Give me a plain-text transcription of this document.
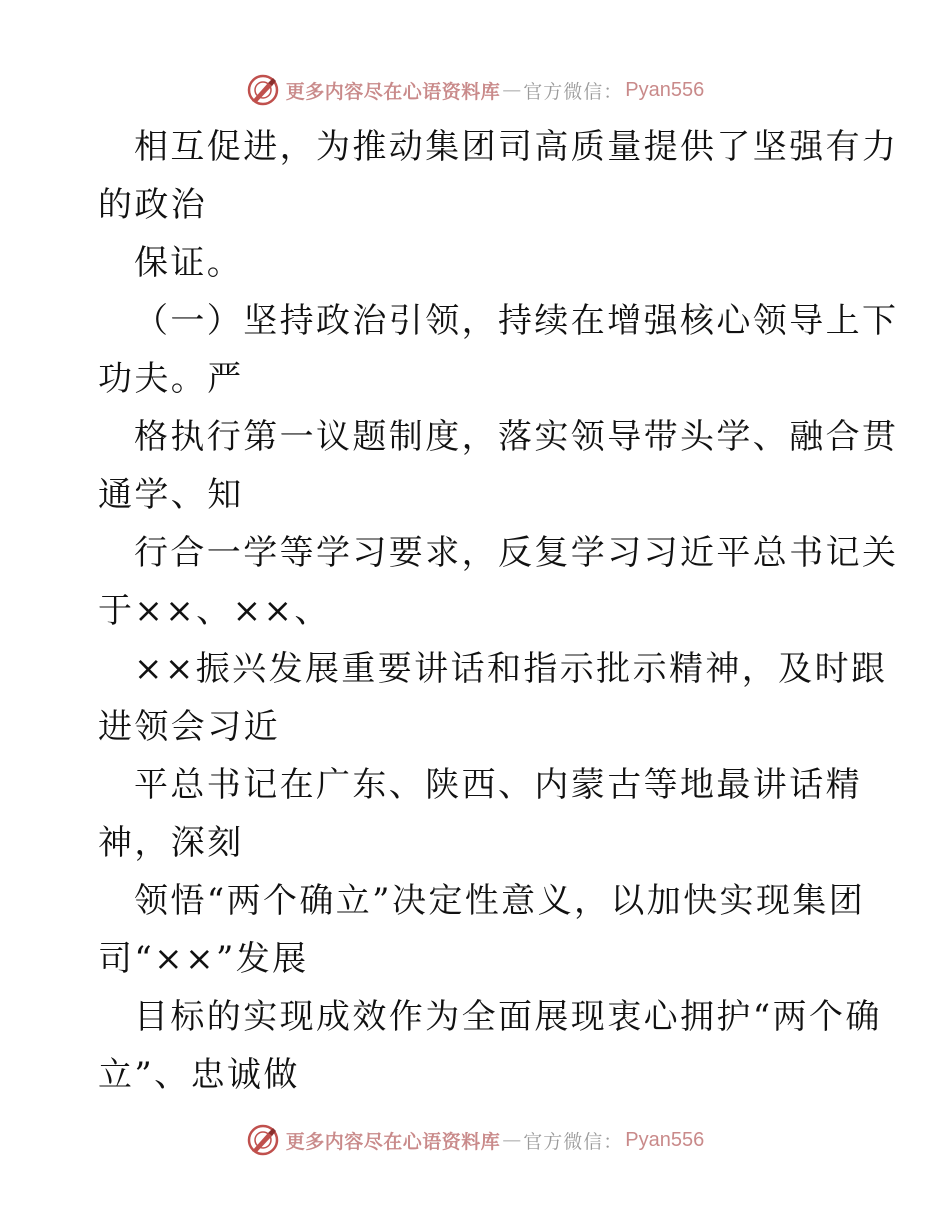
更多内容尽在心语资料库 — 官方微信： Pyan556
相互促进，为推动集团司高质量提供了坚强有力
的政治
保证。
（一）坚持政治引领，持续在增强核心领导上下
功夫。严
格执行第一议题制度，落实领导带头学、融合贯
通学、知
行合一学等学习要求，反复学习习近平总书记关
于××、××、
××振兴发展重要讲话和指示批示精神，及时跟
进领会习近
平总书记在广东、陕西、内蒙古等地最讲话精
神，深刻
领悟“两个确立”决定性意义，以加快实现集团
司“××”发展
目标的实现成效作为全面展现衷心拥护“两个确
立”、忠诚做
更多内容尽在心语资料库 — 官方微信： Pyan556
